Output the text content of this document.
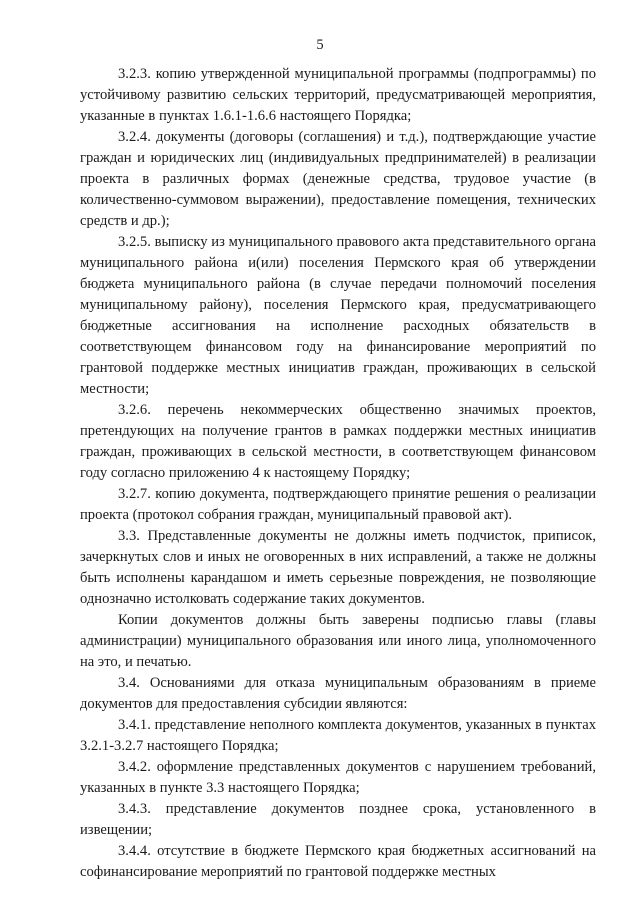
5

3.2.3. копию утвержденной муниципальной программы (подпрограммы) по устойчивому развитию сельских территорий, предусматривающей мероприятия, указанные в пунктах 1.6.1-1.6.6 настоящего Порядка;

3.2.4. документы (договоры (соглашения) и т.д.), подтверждающие участие граждан и юридических лиц (индивидуальных предпринимателей) в реализации проекта в различных формах (денежные средства, трудовое участие (в количественно-суммовом выражении), предоставление помещения, технических средств и др.);

3.2.5. выписку из муниципального правового акта представительного органа муниципального района и(или) поселения Пермского края об утверждении бюджета муниципального района (в случае передачи полномочий поселения муниципальному району), поселения Пермского края, предусматривающего бюджетные ассигнования на исполнение расходных обязательств в соответствующем финансовом году на финансирование мероприятий по грантовой поддержке местных инициатив граждан, проживающих в сельской местности;

3.2.6. перечень некоммерческих общественно значимых проектов, претендующих на получение грантов в рамках поддержки местных инициатив граждан, проживающих в сельской местности, в соответствующем финансовом году согласно приложению 4 к настоящему Порядку;

3.2.7. копию документа, подтверждающего принятие решения о реализации проекта (протокол собрания граждан, муниципальный правовой акт).

3.3. Представленные документы не должны иметь подчисток, приписок, зачеркнутых слов и иных не оговоренных в них исправлений, а также не должны быть исполнены карандашом и иметь серьезные повреждения, не позволяющие однозначно истолковать содержание таких документов.

Копии документов должны быть заверены подписью главы (главы администрации) муниципального образования или иного лица, уполномоченного на это, и печатью.

3.4. Основаниями для отказа муниципальным образованиям в приеме документов для предоставления субсидии являются:

3.4.1. представление неполного комплекта документов, указанных в пунктах 3.2.1-3.2.7 настоящего Порядка;

3.4.2. оформление представленных документов с нарушением требований, указанных в пункте 3.3 настоящего Порядка;

3.4.3. представление документов позднее срока, установленного в извещении;

3.4.4. отсутствие в бюджете Пермского края бюджетных ассигнований на софинансирование мероприятий по грантовой поддержке местных
